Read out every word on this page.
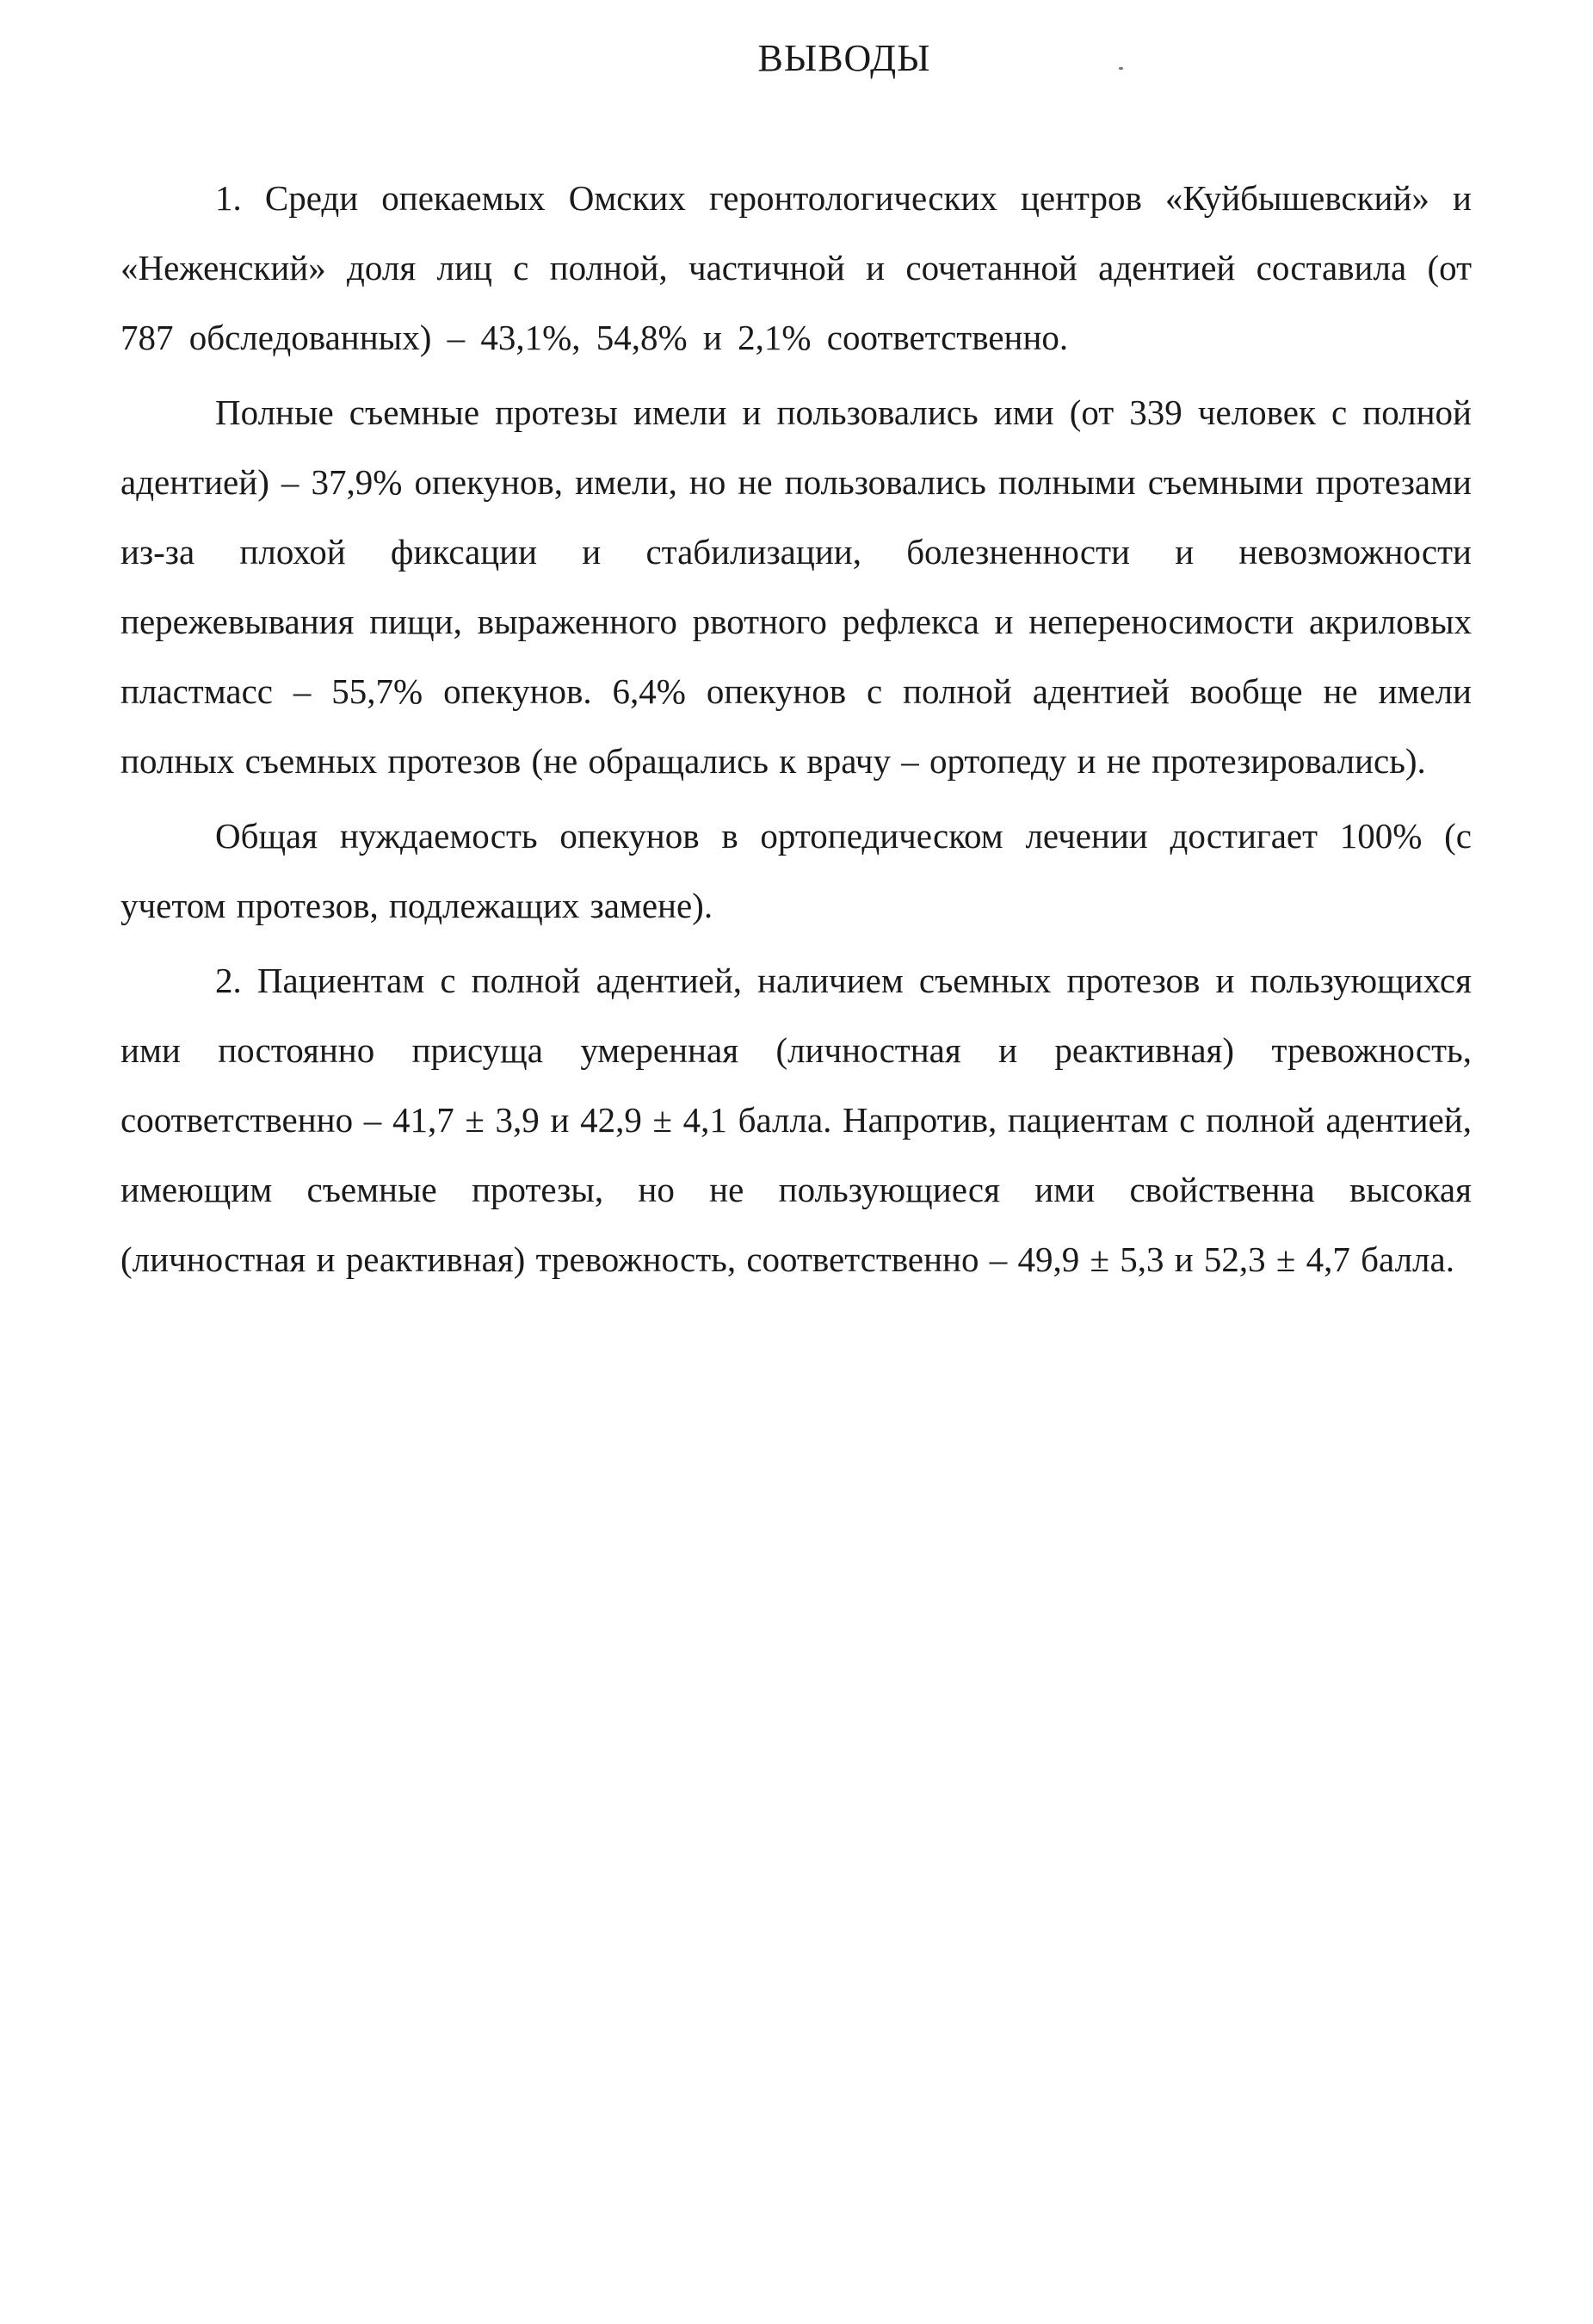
ВЫВОДЫ

1. Среди опекаемых Омских геронтологических центров «Куйбышевский» и «Неженский» доля лиц с полной, частичной и сочетанной адентией составила (от 787 обследованных) – 43,1%, 54,8% и 2,1% соответственно.

Полные съемные протезы имели и пользовались ими (от 339 человек с полной адентией) – 37,9% опекунов, имели, но не пользовались полными съемными протезами из-за плохой фиксации и стабилизации, болезненности и невозможности пережевывания пищи, выраженного рвотного рефлекса и непереносимости акриловых пластмасс – 55,7% опекунов. 6,4% опекунов с полной адентией вообще не имели полных съемных протезов (не обращались к врачу – ортопеду и не протезировались).

Общая нуждаемость опекунов в ортопедическом лечении достигает 100% (с учетом протезов, подлежащих замене).

2. Пациентам с полной адентией, наличием съемных протезов и пользующихся ими постоянно присуща умеренная (личностная и реактивная) тревожность, соответственно – 41,7 ± 3,9 и 42,9 ± 4,1 балла. Напротив, пациентам с полной адентией, имеющим съемные протезы, но не пользующиеся ими свойственна высокая (личностная и реактивная) тревожность, соответственно – 49,9 ± 5,3 и 52,3 ± 4,7 балла.
